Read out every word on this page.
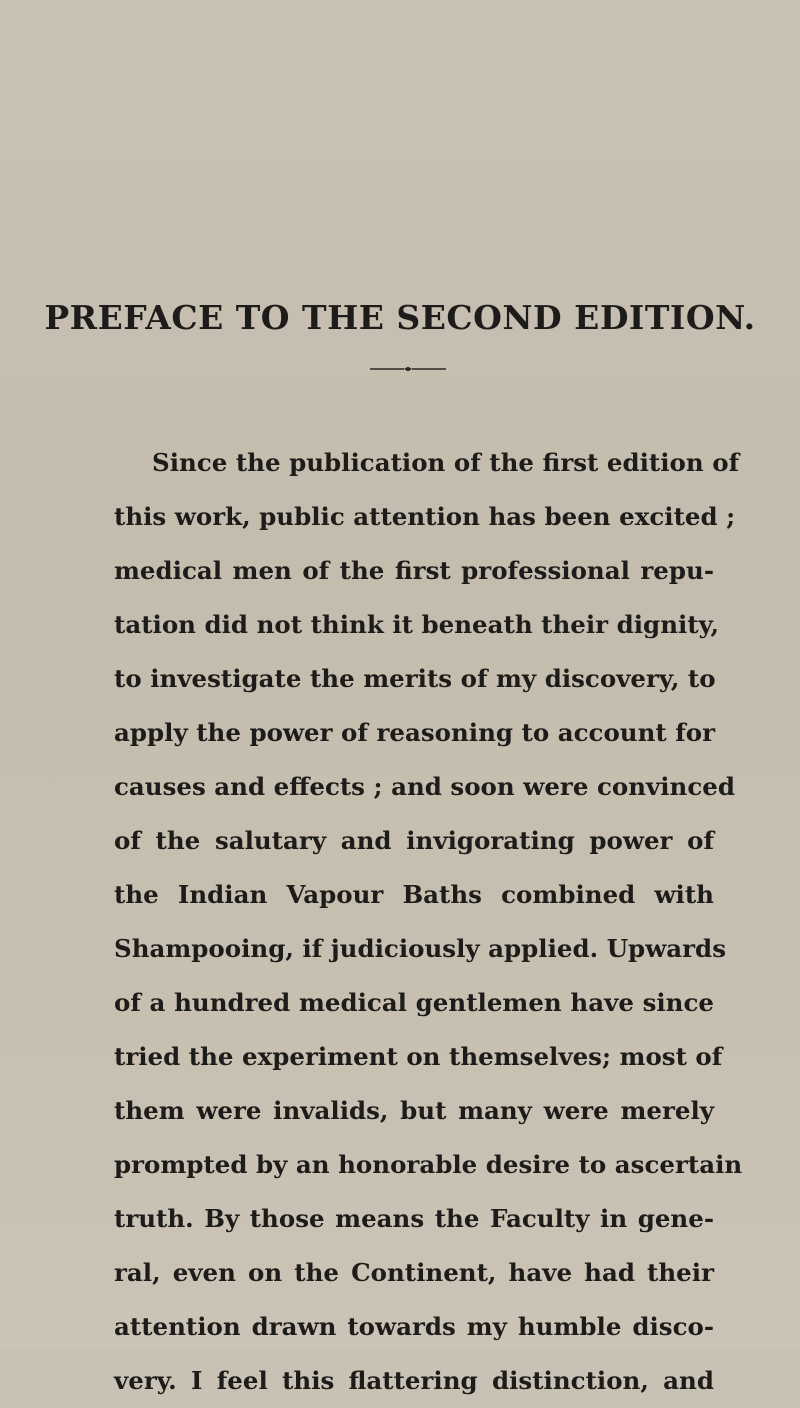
PREFACE TO THE SECOND EDITION.
Since the publication of the first edition of
this work, public attention has been excited ;
medical men of the first professional repu-
tation did not think it beneath their dignity,
to investigate the merits of my discovery, to
apply the power of reasoning to account for
causes and effects ; and soon were convinced
of the salutary and invigorating power of
the Indian Vapour Baths combined with
Shampooing, if judiciously applied. Upwards
of a hundred medical gentlemen have since
tried the experiment on themselves; most of
them were invalids, but many were merely
prompted by an honorable desire to ascertain
truth. By those means the Faculty in gene-
ral, even on the Continent, have had their
attention drawn towards my humble disco-
very. I feel this flattering distinction, and
